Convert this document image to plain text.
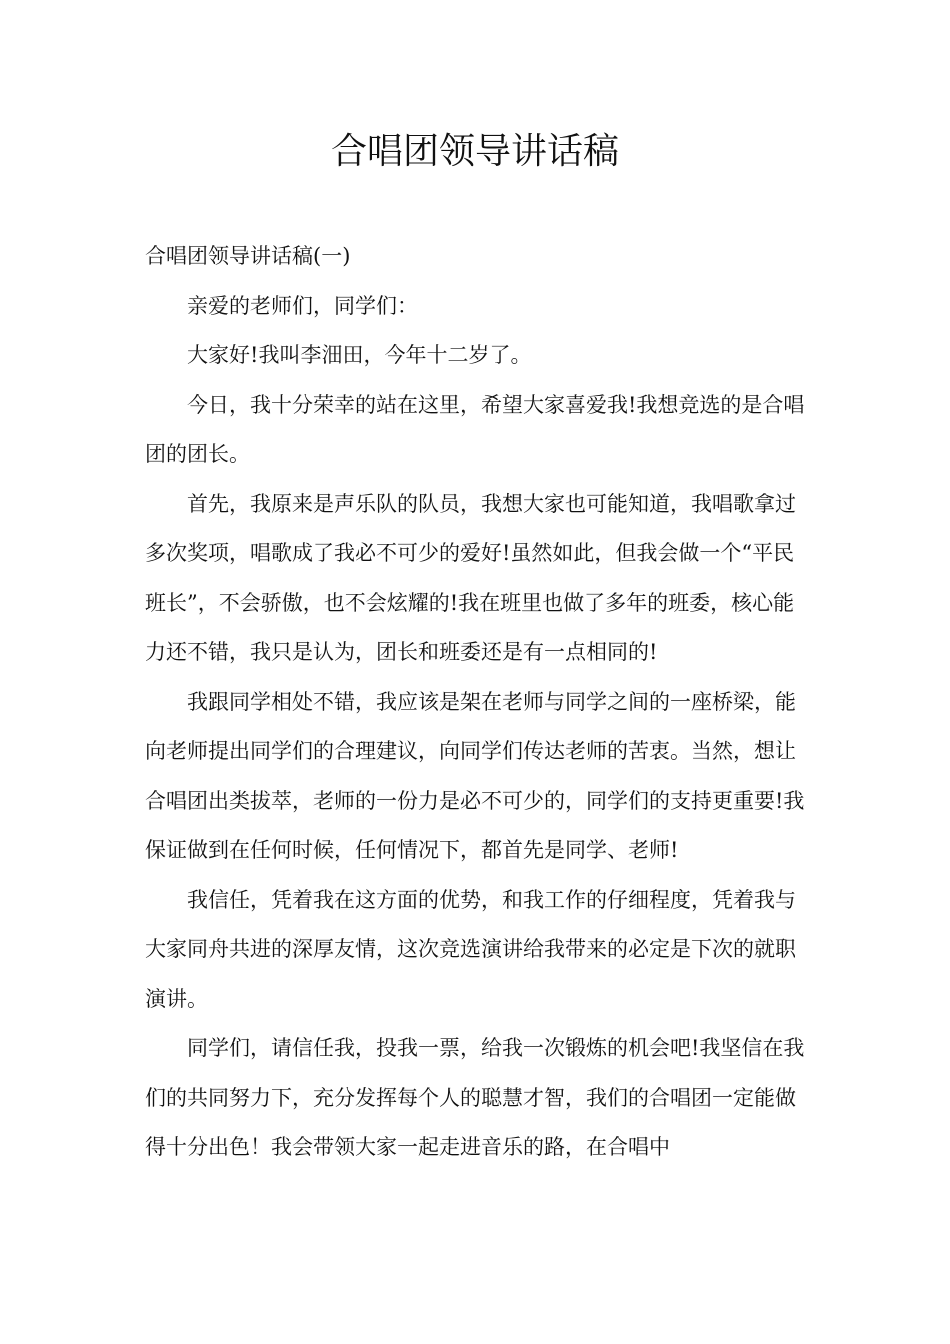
合唱团领导讲话稿

合唱团领导讲话稿(一)

亲爱的老师们，同学们：

大家好!我叫李沺田，今年十二岁了。

今日，我十分荣幸的站在这里，希望大家喜爱我!我想竞选的是合唱团的团长。

首先，我原来是声乐队的队员，我想大家也可能知道，我唱歌拿过多次奖项，唱歌成了我必不可少的爱好!虽然如此，但我会做一个“平民班长”，不会骄傲，也不会炫耀的!我在班里也做了多年的班委，核心能力还不错，我只是认为，团长和班委还是有一点相同的!

我跟同学相处不错，我应该是架在老师与同学之间的一座桥梁，能向老师提出同学们的合理建议，向同学们传达老师的苦衷。当然，想让合唱团出类拔萃，老师的一份力是必不可少的，同学们的支持更重要!我保证做到在任何时候，任何情况下，都首先是同学、老师!

我信任，凭着我在这方面的优势，和我工作的仔细程度，凭着我与大家同舟共进的深厚友情，这次竞选演讲给我带来的必定是下次的就职演讲。

同学们，请信任我，投我一票，给我一次锻炼的机会吧!我坚信在我们的共同努力下，充分发挥每个人的聪慧才智，我们的合唱团一定能做得十分出色！我会带领大家一起走进音乐的路，在合唱中
